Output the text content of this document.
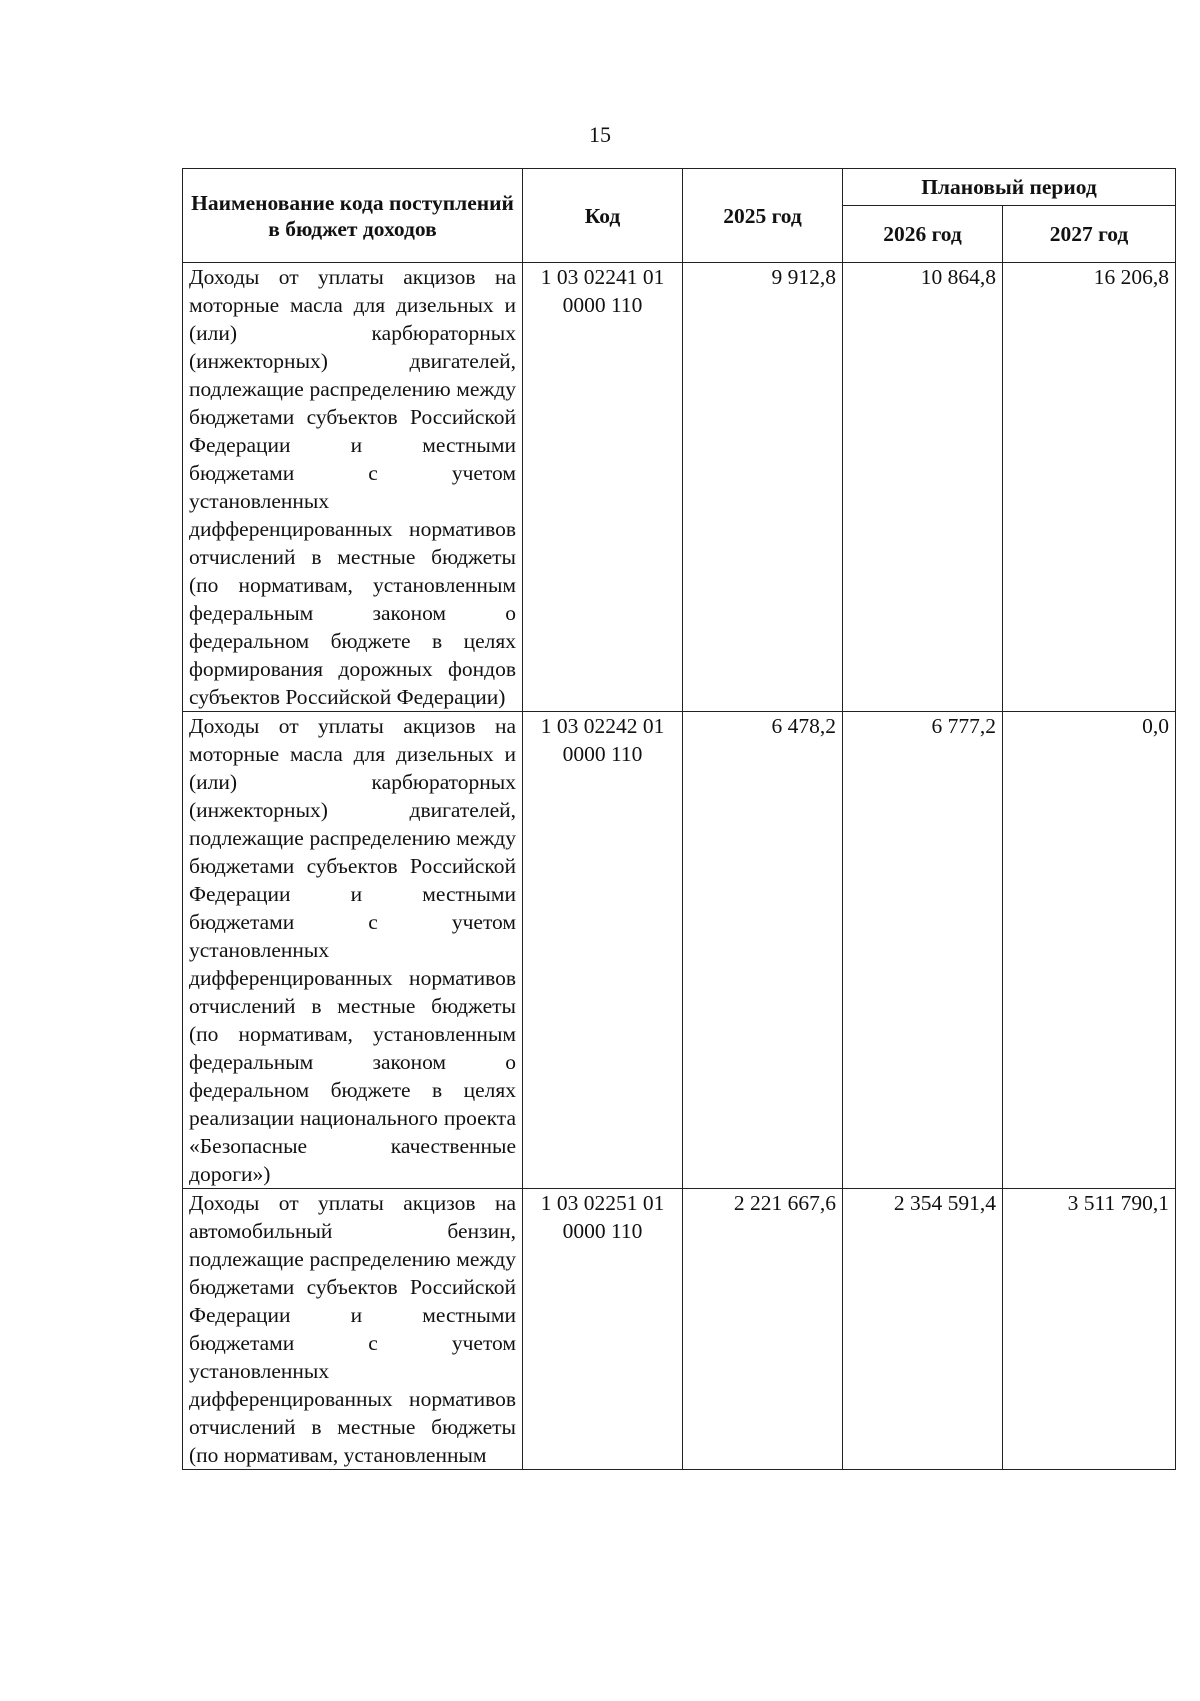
15
Наименование кода поступлений в бюджет доходов	Код	2025 год	Плановый период	
			2026 год	2027 год
Доходы от уплаты акцизов на моторные масла для дизельных и (или) карбюраторных (инжекторных) двигателей, подлежащие распределению между бюджетами субъектов Российской Федерации и местными бюджетами с учетом установленных дифференцированных нормативов отчислений в местные бюджеты (по нормативам, установленным федеральным законом о федеральном бюджете в целях формирования дорожных фондов субъектов Российской Федерации)	1 03 02241 01 0000 110	9 912,8	10 864,8	16 206,8
Доходы от уплаты акцизов на моторные масла для дизельных и (или) карбюраторных (инжекторных) двигателей, подлежащие распределению между бюджетами субъектов Российской Федерации и местными бюджетами с учетом установленных дифференцированных нормативов отчислений в местные бюджеты (по нормативам, установленным федеральным законом о федеральном бюджете в целях реализации национального проекта «Безопасные качественные дороги»)	1 03 02242 01 0000 110	6 478,2	6 777,2	0,0
Доходы от уплаты акцизов на автомобильный бензин, подлежащие распределению между бюджетами субъектов Российской Федерации и местными бюджетами с учетом установленных дифференцированных нормативов отчислений в местные бюджеты (по нормативам, установленным	1 03 02251 01 0000 110	2 221 667,6	2 354 591,4	3 511 790,1
